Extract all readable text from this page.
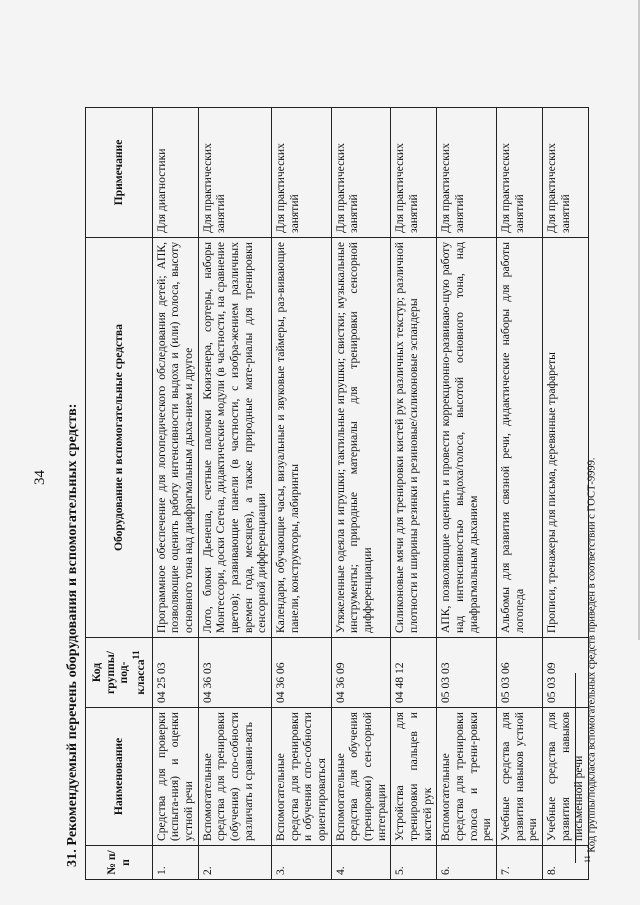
34 31. Рекомендуемый перечень оборудования и вспомогательных средств: № п/п	Наименование	Код группы/под-класса$^{11}$	Оборудование и вспомогательные средства	Примечание
1.	Средства для проверки (испыта-ния) и оценки устной речи	04 25 03	Программное обеспечение для логопедического обследования детей; АПК, позволяющие оценить работу интенсивности выдоха и (или) голоса, высоту основного тона над диафрагмальным дыха-нием и другое	Для диагностики
2.	Вспомогательные средства для тренировки (обучения) спо-собности различать и сравни-вать	04 36 03	Лото, блоки Дьенеша, счетные палочки Кюизенера, сортеры, наборы Монтессори, доски Сегена, дидактические модули (в частности, на сравнение цветов); развивающие панели (в частности, с изобра-жением различных времен года, месяцев), а также природные мате-риалы для тренировки сенсорной дифференциации	Для практических занятий
3.	Вспомогательные средства для тренировки и обучения спо-собности ориентироваться	04 36 06	Календари, обучающие часы, визуальные и звуковые таймеры, раз-вивающие панели, конструкторы, лабиринты	Для практических занятий
4.	Вспомогательные средства для обучения (тренировки) сен-сорной интеграции	04 36 09	Утяжеленные одеяла и игрушки; тактильные игрушки; свистки; музыкальные инструменты; природные материалы для тренировки сенсорной дифференциации	Для практических занятий
5.	Устройства для тренировки пальцев и кистей рук	04 48 12	Силиконовые мячи для тренировки кистей рук различных текстур; различной плотности и ширины резинки и резиновые/силиконовые эспандеры	Для практических занятий
6.	Вспомогательные средства для тренировки голоса и трени-ровки речи	05 03 03	АПК, позволяющие оценить и провести коррекционно-развиваю-щую работу над интенсивностью выдоха/голоса, высотой основного тона, над диафрагмальным дыханием	Для практических занятий
7.	Учебные средства для развития навыков устной речи	05 03 06	Альбомы для развития связной речи, дидактические наборы для работы логопеда	Для практических занятий
8.	Учебные средства для развития навыков письменной речи	05 03 09	Прописи, тренажеры для письма, деревянные трафареты	Для практических занятий
$^{11}$ Код группы/подкласса вспомогательных средств приведен в соответствии с ГОСТ-9999.
